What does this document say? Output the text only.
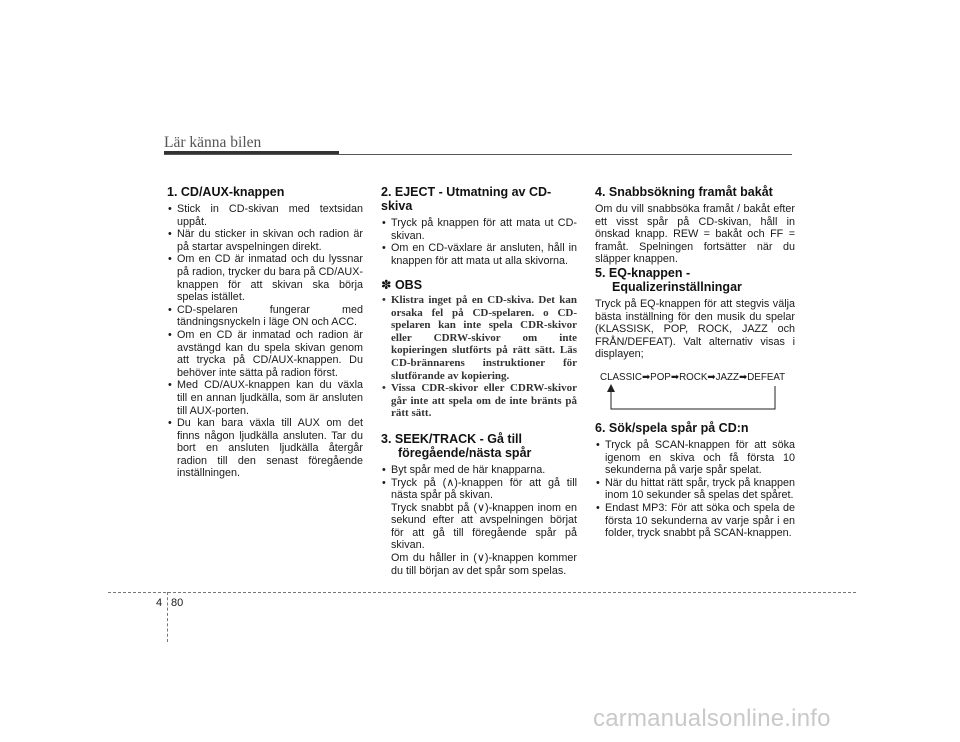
Lär känna bilen
1. CD/AUX-knappen
• Stick in CD-skivan med textsidan uppåt.
• När du sticker in skivan och radion är på startar avspelningen direkt.
• Om en CD är inmatad och du lyssnar på radion, trycker du bara på CD/AUX-knappen för att skivan ska börja spelas istället.
• CD-spelaren fungerar med tändningsnyckeln i läge ON och ACC.
• Om en CD är inmatad och radion är avstängd kan du spela skivan genom att trycka på CD/AUX-knappen. Du behöver inte sätta på radion först.
• Med CD/AUX-knappen kan du växla till en annan ljudkälla, som är ansluten till AUX-porten.
• Du kan bara växla till AUX om det finns någon ljudkälla ansluten. Tar du bort en ansluten ljudkälla återgår radion till den senast föregående inställningen.
2. EJECT - Utmatning av CD-skiva
• Tryck på knappen för att mata ut CD-skivan.
• Om en CD-växlare är ansluten, håll in knappen för att mata ut alla skivorna.
✽ OBS
• Klistra inget på en CD-skiva. Det kan orsaka fel på CD-spelaren. o CD-spelaren kan inte spela CDR-skivor eller CDRW-skivor om inte kopieringen slutförts på rätt sätt. Läs CD-brännarens instruktioner för slutförande av kopiering.
• Vissa CDR-skivor eller CDRW-skivor går inte att spela om de inte bränts på rätt sätt.
3. SEEK/TRACK - Gå till
föregående/nästa spår
• Byt spår med de här knapparna.
• Tryck på (∧)-knappen för att gå till nästa spår på skivan.
Tryck snabbt på (∨)-knappen inom en sekund efter att avspelningen börjat för att gå till föregående spår på skivan.
Om du håller in (∨)-knappen kommer du till början av det spår som spelas.
4. Snabbsökning framåt bakåt

Om du vill snabbsöka framåt / bakåt efter ett visst spår på CD-skivan, håll in önskad knapp. REW = bakåt och FF = framåt. Spelningen fortsätter när du släpper knappen.

5. EQ-knappen -
Equalizerinställningar

Tryck på EQ-knappen för att stegvis välja bästa inställning för den musik du spelar (KLASSISK, POP, ROCK, JAZZ och FRÅN/DEFEAT). Valt alternativ visas i displayen;

CLASSIC➡POP➡ROCK➡JAZZ➡DEFEAT
6. Sök/spela spår på CD:n
• Tryck på SCAN-knappen för att söka igenom en skiva och få första 10 sekunderna på varje spår spelat.
• När du hittat rätt spår, tryck på knappen inom 10 sekunder så spelas det spåret.
• Endast MP3: För att söka och spela de första 10 sekunderna av varje spår i en folder, tryck snabbt på SCAN-knappen.
4 80
carmanualsonline.info
